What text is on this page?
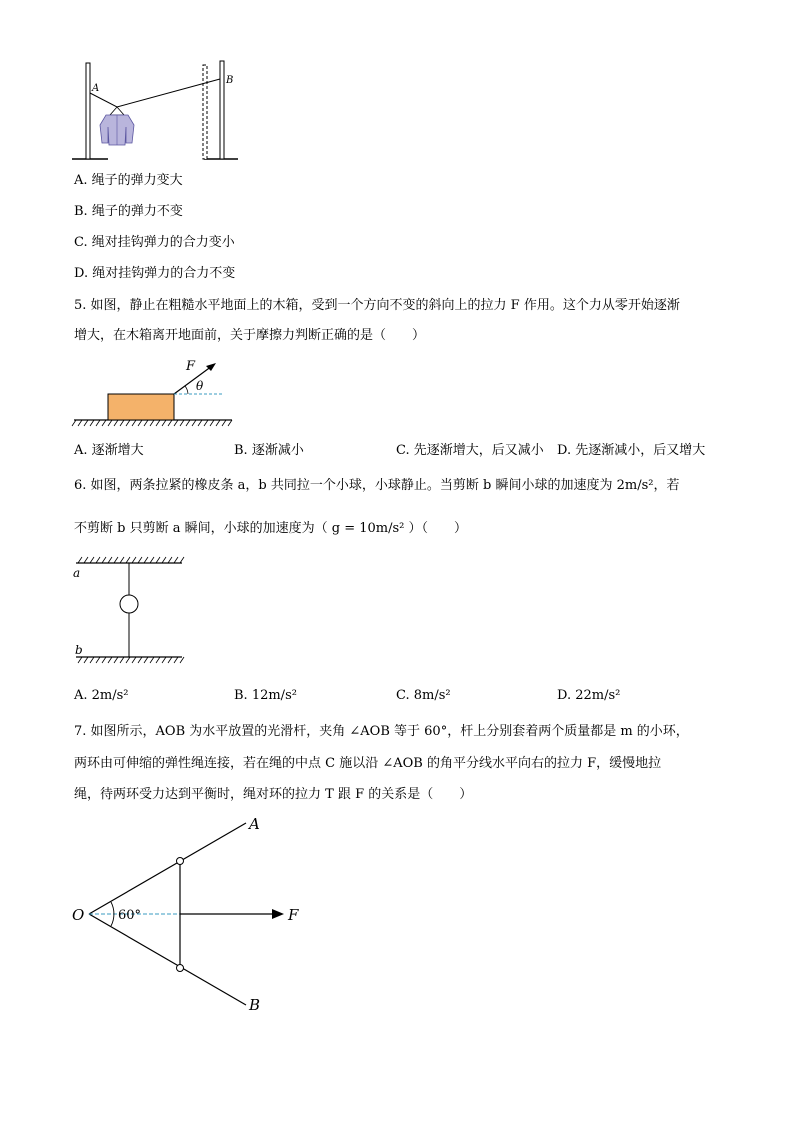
A
B
A. 绳子的弹力变大
B. 绳子的弹力不变
C. 绳对挂钩弹力的合力变小
D. 绳对挂钩弹力的合力不变
5. 如图，静止在粗糙水平地面上的木箱，受到一个方向不变的斜向上的拉力 F 作用。这个力从零开始逐渐
增大，在木箱离开地面前，关于摩擦力判断正确的是（　　）
F
θ
A. 逐渐增大	B. 逐渐减小	C. 先逐渐增大，后又减小 D. 先逐渐减小，后又增大
6. 如图，两条拉紧的橡皮条 a，b 共同拉一个小球，小球静止。当剪断 b 瞬间小球的加速度为 2m/s²，若
不剪断 b 只剪断 a 瞬间，小球的加速度为（ g = 10m/s² ）（　　）
a
b
A. 2m/s²	B. 12m/s²	C. 8m/s²	D. 22m/s²
7. 如图所示，AOB 为水平放置的光滑杆，夹角 ∠AOB 等于 60°，杆上分别套着两个质量都是 m 的小环，
两环由可伸缩的弹性绳连接，若在绳的中点 C 施以沿 ∠AOB 的角平分线水平向右的拉力 F，缓慢地拉
绳，待两环受力达到平衡时，绳对环的拉力 T 跟 F 的关系是（　　）
O
A
B
F
60°
